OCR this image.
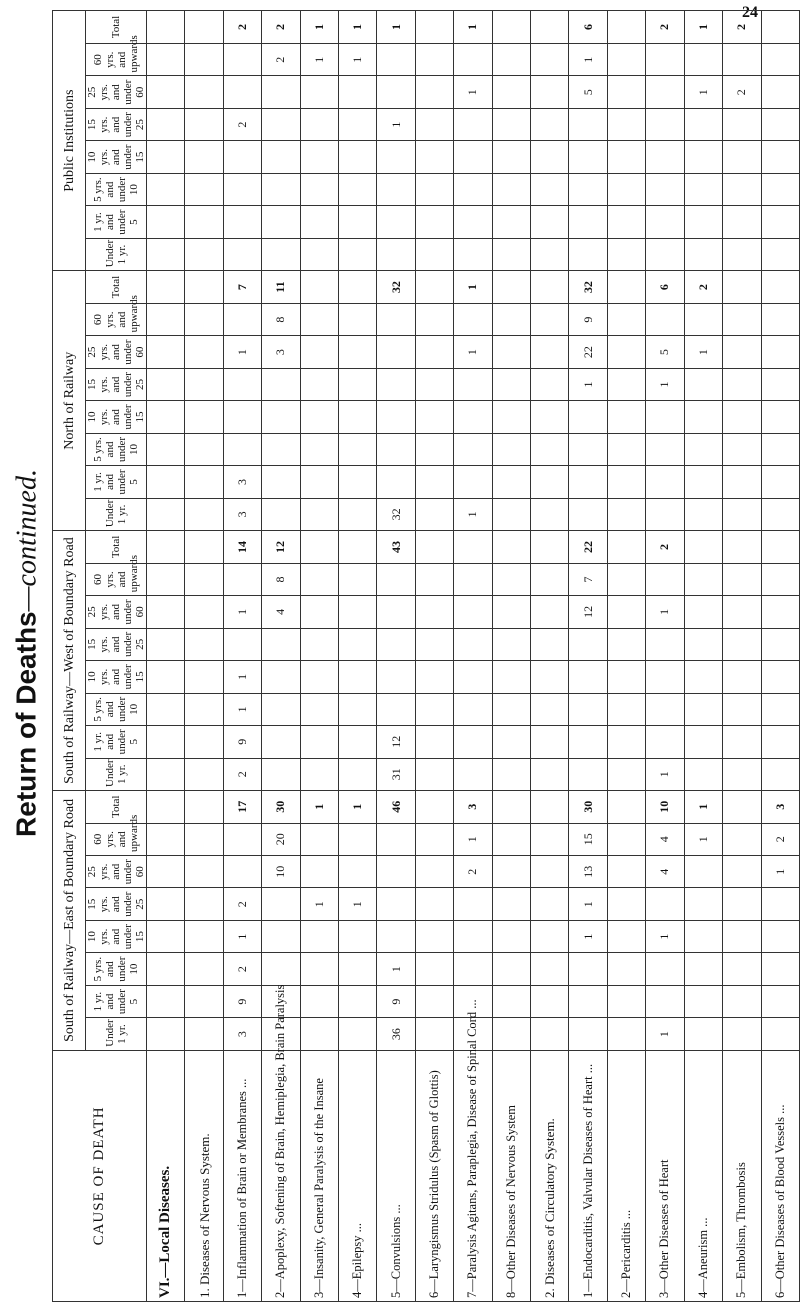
Return of Deaths—continued.
24
CAUSE OF DEATH	South of Railway—East of Boundary Road								South of Railway—West of Boundary Road								North of Railway								Public Institutions							
	Under 1 yr.	1 yr. and under 5	5 yrs. and under 10	10 yrs. and under 15	15 yrs. and under 25	25 yrs. and under 60	60 yrs. and upwards	Total	Under 1 yr.	1 yr. and under 5	5 yrs. and under 10	10 yrs. and under 15	15 yrs. and under 25	25 yrs. and under 60	60 yrs. and upwards	Total	Under 1 yr.	1 yr. and under 5	5 yrs. and under 10	10 yrs. and under 15	15 yrs. and under 25	25 yrs. and under 60	60 yrs. and upwards	Total	Under 1 yr.	1 yr. and under 5	5 yrs. and under 10	10 yrs. and under 15	15 yrs. and under 25	25 yrs. and under 60	60 yrs. and upwards	Total
VI.—Local Diseases.																																
1. Diseases of Nervous System.																																
1—Inflammation of Brain or Membranes ...	3	9	2	1	2			17	2	9	1	1		1		14	3	3				1		7					2			2
2—Apoplexy, Softening of Brain, Hemiplegia, Brain Paralysis						10	20	30						4	8	12						3	8	11							2	2
3—Insanity, General Paralysis of the Insane					1			1																							1	1
4—Epilepsy ...					1			1																							1	1
5—Convulsions ...	36	9	1					46	31	12						43	32							32					1			1
6—Laryngismus Stridulus (Spasm of Glottis)																																
7—Paralysis Agitans, Paraplegia, Disease of Spinal Cord ...						2	1	3									1					1		1						1		1
8—Other Diseases of Nervous System																																
2. Diseases of Circulatory System.																																
1—Endocarditis, Valvular Diseases of Heart ...				1	1	13	15	30						12	7	22					1	22	9	32						5	1	6
2—Pericarditis ...																																
3—Other Diseases of Heart	1			1		4	4	10	1					1		2					1	5		6								2
4—Aneurism ...							1	1														1		2						1		1
5—Embolism, Thrombosis																														2		2
6—Other Diseases of Blood Vessels ...						1	2	3																								
